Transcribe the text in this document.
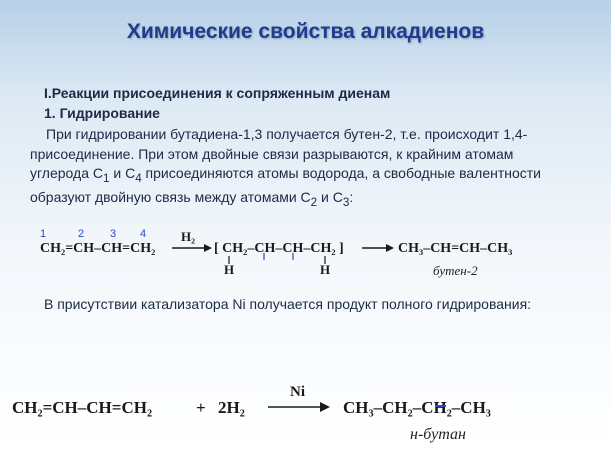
Химические свойства алкадиенов
I.Реакции присоединения к сопряженным диенам
1. Гидрирование
При гидрировании бутадиена-1,3 получается бутен-2, т.е. происходит 1,4-
присоединение. При этом двойные связи разрываются, к крайним атомам
углерода $С_1$ и $С_4$ присоединяются атомы водорода, а свободные валентности
образуют двойную связь между атомами $С_2$ и $С_3$:
В присутствии катализатора Ni получается продукт полного гидрирования:
1	2 3 4
CH₂=CH–CH=CH₂
H₂
[ CH₂–CH–CH–CH₂ ]
H	H
CH₃–CH=CH–CH₃
бутен-2
CH₂=CH–CH=CH₂	+ 2H₂
Ni
CH₃–CH₂–CH₂–CH₃
н-бутан
